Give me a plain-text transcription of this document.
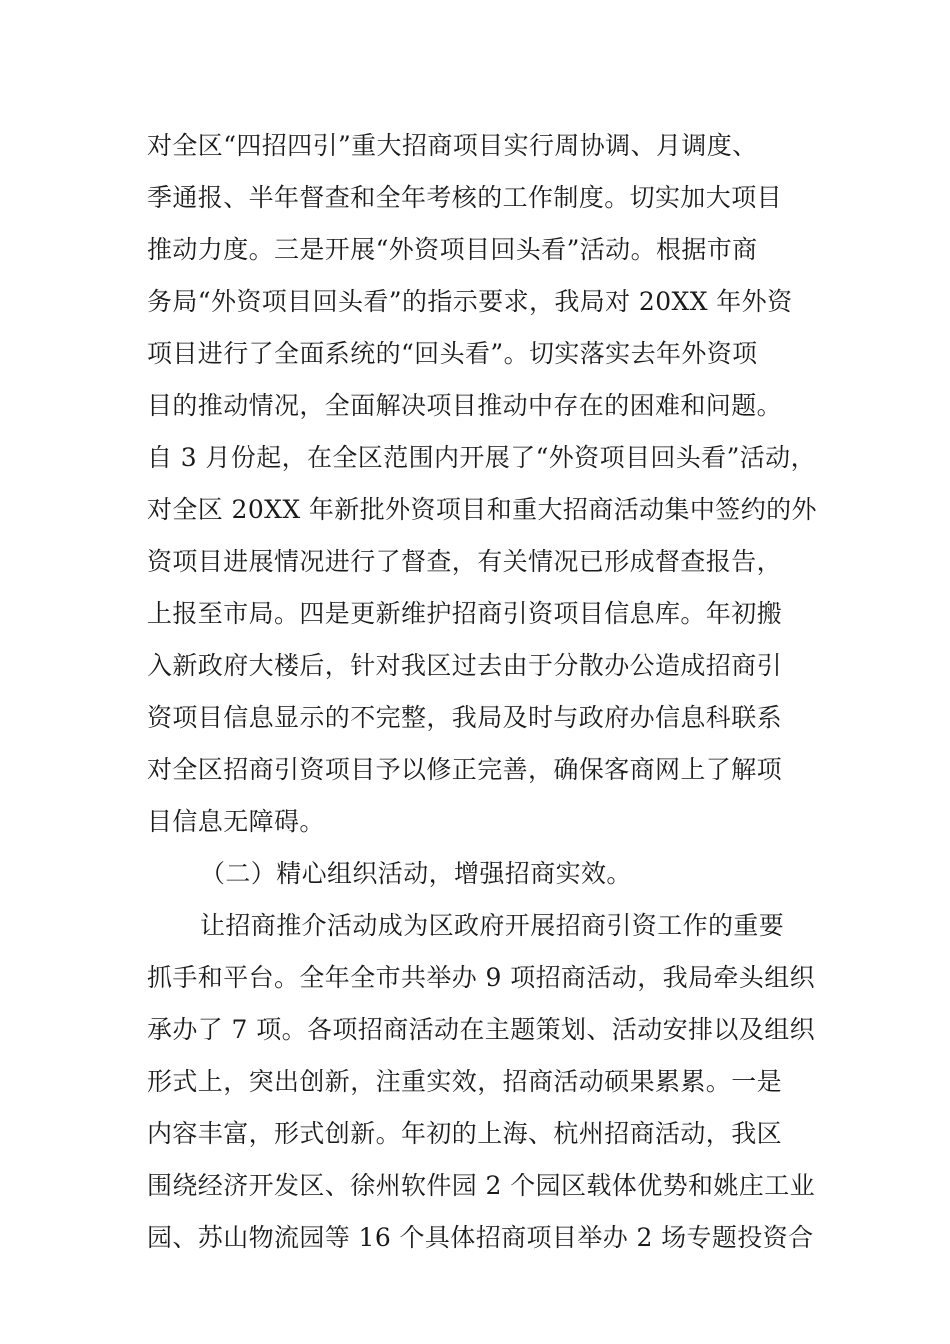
对全区“四招四引”重大招商项目实行周协调、月调度、
季通报、半年督查和全年考核的工作制度。切实加大项目
推动力度。三是开展“外资项目回头看”活动。根据市商
务局“外资项目回头看”的指示要求，我局对 20XX 年外资
项目进行了全面系统的“回头看”。切实落实去年外资项
目的推动情况，全面解决项目推动中存在的困难和问题。
自 3 月份起，在全区范围内开展了“外资项目回头看”活动，
对全区 20XX 年新批外资项目和重大招商活动集中签约的外
资项目进展情况进行了督查，有关情况已形成督查报告，
上报至市局。四是更新维护招商引资项目信息库。年初搬
入新政府大楼后，针对我区过去由于分散办公造成招商引
资项目信息显示的不完整，我局及时与政府办信息科联系
对全区招商引资项目予以修正完善，确保客商网上了解项
目信息无障碍。
（二）精心组织活动，增强招商实效。
让招商推介活动成为区政府开展招商引资工作的重要
抓手和平台。全年全市共举办 9 项招商活动，我局牵头组织
承办了 7 项。各项招商活动在主题策划、活动安排以及组织
形式上，突出创新，注重实效，招商活动硕果累累。一是
内容丰富，形式创新。年初的上海、杭州招商活动，我区
围绕经济开发区、徐州软件园 2 个园区载体优势和姚庄工业
园、苏山物流园等 16 个具体招商项目举办 2 场专题投资合
